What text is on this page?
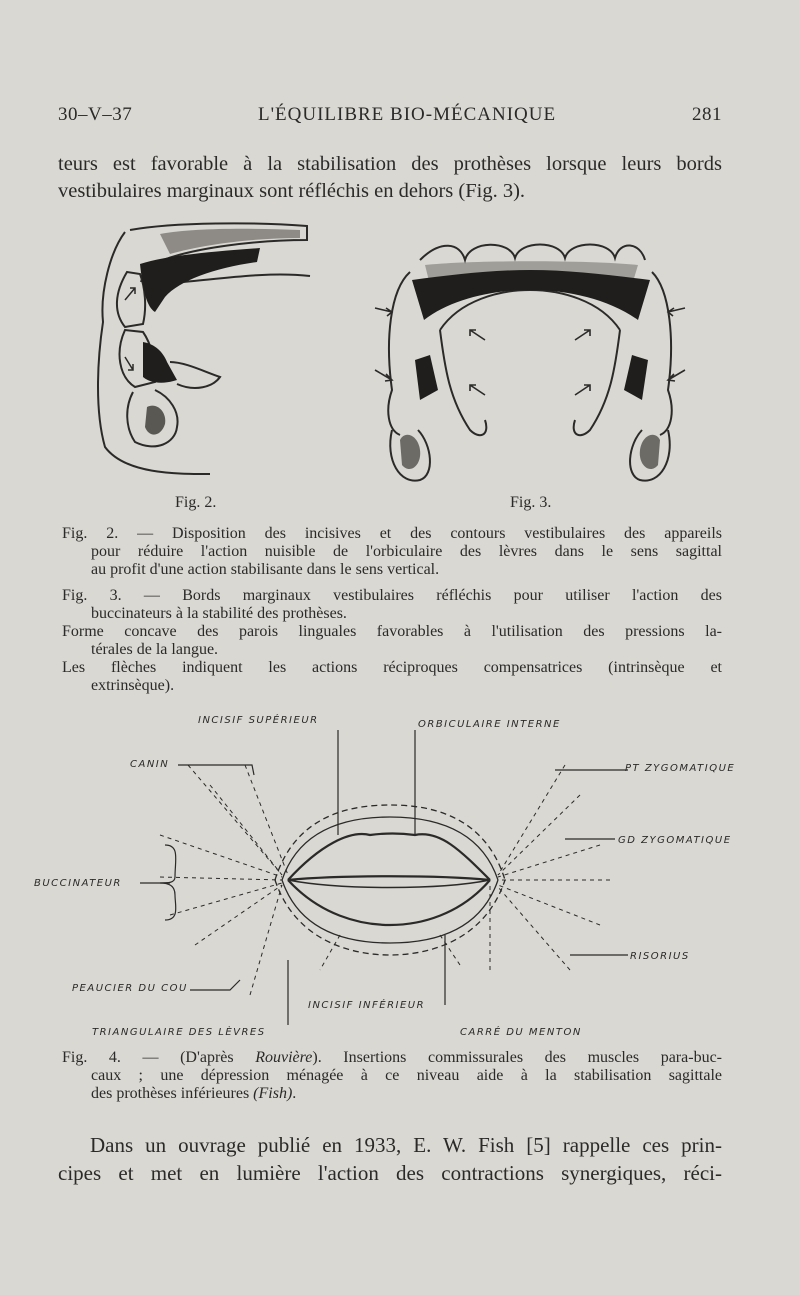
30–V–37	L'ÉQUILIBRE BIO-MÉCANIQUE	281
teurs est favorable à la stabilisation des prothèses lorsque leurs bords
vestibulaires marginaux sont réfléchis en dehors (Fig. 3).
Fig. 2.	Fig. 3.
Fig. 2. — Disposition des incisives et des contours vestibulaires des appareils
pour réduire l'action nuisible de l'orbiculaire des lèvres dans le sens sagittal
au profit d'une action stabilisante dans le sens vertical.
Fig. 3. — Bords marginaux vestibulaires réfléchis pour utiliser l'action des
buccinateurs à la stabilité des prothèses.
Forme concave des parois linguales favorables à l'utilisation des pressions la-
térales de la langue.
Les flèches indiquent les actions réciproques compensatrices (intrinsèque et
extrinsèque).
INCISIF SUPÉRIEUR	ORBICULAIRE INTERNE
CANIN	PT ZYGOMATIQUE
GD ZYGOMATIQUE
BUCCINATEUR
RISORIUS
PEAUCIER DU COU
INCISIF INFÉRIEUR
TRIANGULAIRE DES LÈVRES	CARRÉ DU MENTON
Fig. 4. — (D'après Rouvière). Insertions commissurales des muscles para-buc-
caux ; une dépression ménagée à ce niveau aide à la stabilisation sagittale
des prothèses inférieures (Fish).
Dans un ouvrage publié en 1933, E. W. Fish [5] rappelle ces prin-
cipes et met en lumière l'action des contractions synergiques, réci-
